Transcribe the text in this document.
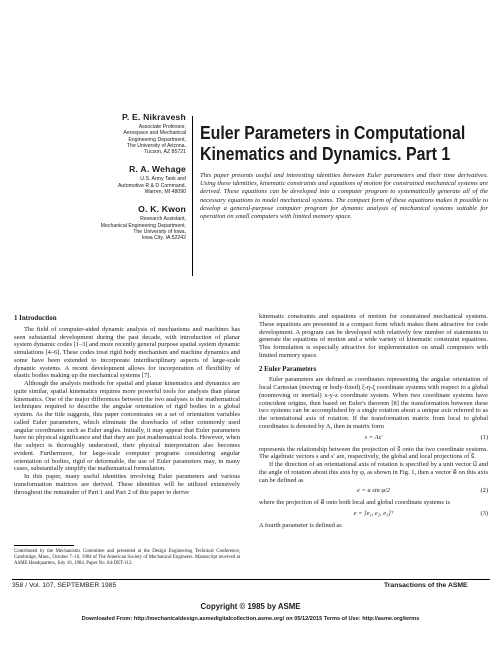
P. E. Nikravesh
Associate Professor,
Aerospace and Mechanical
Engineering Department,
The University of Arizona,
Tucson, AZ 85721
R. A. Wehage
U.S. Army Tank and
Automotive R & D Command,
Warren, MI 48090
O. K. Kwon
Research Assistant,
Mechanical Engineering Department,
The University of Iowa,
Iowa City, IA 52242
Euler Parameters in Computational
Kinematics and Dynamics. Part 1
This paper presents useful and interesting identities between Euler parameters and their time derivatives. Using these identities, kinematic constraints and equations of motion for constrained mechanical systems are derived. These equations can be developed into a computer program to systematically generate all of the necessary equations to model mechanical systems. The compact form of these equations makes it possible to develop a general-purpose computer program for dynamic analysis of mechanical systems suitable for operation on small computers with limited memory space.
1 Introduction

The field of computer-aided dynamic analysis of mechanisms and machines has seen substantial development during the past decade, with introduction of planar system dynamic codes [1–3] and more recently general purpose spatial system dynamic simulations [4–6]. These codes treat rigid body mechanism and machine dynamics and some have been extended to incorporate interdisciplinary aspects of large-scale dynamic systems. A recent development allows for incorporation of flexibility of elastic bodies making up the mechanical systems [7].

Although the analysis methods for spatial and planar kinematics and dynamics are quite similar, spatial kinematics requires more powerful tools for analysis than planar kinematics. One of the major differences between the two analyses is the mathematical techniques required to describe the angular orientation of rigid bodies in a global system. As the title suggests, this paper concentrates on a set of orientation variables called Euler parameters, which eliminate the drawbacks of other commonly used angular coordinates such as Euler angles. Initially, it may appear that Euler parameters have no physical significance and that they are just mathematical tools. However, when the subject is thoroughly understood, their physical interpretation also becomes evident. Furthermore, for large-scale computer programs considering angular orientation of bodies, rigid or deformable, the use of Euler parameters may, in many cases, substantially simplify the mathematical formulation.

In this paper, many useful identities involving Euler parameters and various transformation matrices are derived. These identities will be utilized extensively throughout the remainder of Part 1 and Part 2 of this paper to derive

Contributed by the Mechanisms Committee and presented at the Design Engineering Technical Conference, Cambridge, Mass., October 7–10, 1984 of The American Society of Mechanical Engineers. Manuscript received at ASME Headquarters, July 10, 1984. Paper No. 84-DET-112.

kinematic constraints and equations of motion for constrained mechanical systems. These equations are presented in a compact form which makes them attractive for code development. A program can be developed with relatively few number of statements to generate the equations of motion and a wide variety of kinematic constraint equations. This formulation is especially attractive for implementation on small computers with limited memory space.

2 Euler Parameters

Euler parameters are defined as coordinates representing the angular orientation of local Cartesian (moving or body-fixed) ξ-η-ζ coordinate systems with respect to a global (nonmoving or inertial) x-y-z coordinate system. When two coordinate systems have coincident origins, then based on Euler's theorem [8] the transformation between these two systems can be accomplished by a single rotation about a unique axis referred to as the orientational axis of rotation. If the transformation matrix from local to global coordinates is denoted by A, then in matrix form

s = As′	(1)

represents the relationship between the projection of s⃗ onto the two coordinate systems. The algebraic vectors s and s′ are, respectively, the global and local projections of s⃗.

If the direction of an orientational axis of rotation is specified by a unit vector u⃗ and the angle of rotation about this axis by φ, as shown in Fig. 1, then a vector e⃗ on this axis can be defined as

e = u sin φ/2	(2)

where the projection of e⃗ onto both local and global coordinate systems is

e = [e₁, e₂, e₃]ᵀ	(3)

A fourth parameter is defined as

358 / Vol. 107, SEPTEMBER 1985	Transactions of the ASME
Copyright © 1985 by ASME
Downloaded From: http://mechanicaldesign.asmedigitalcollection.asme.org/ on 05/12/2015 Terms of Use: http://asme.org/terms
